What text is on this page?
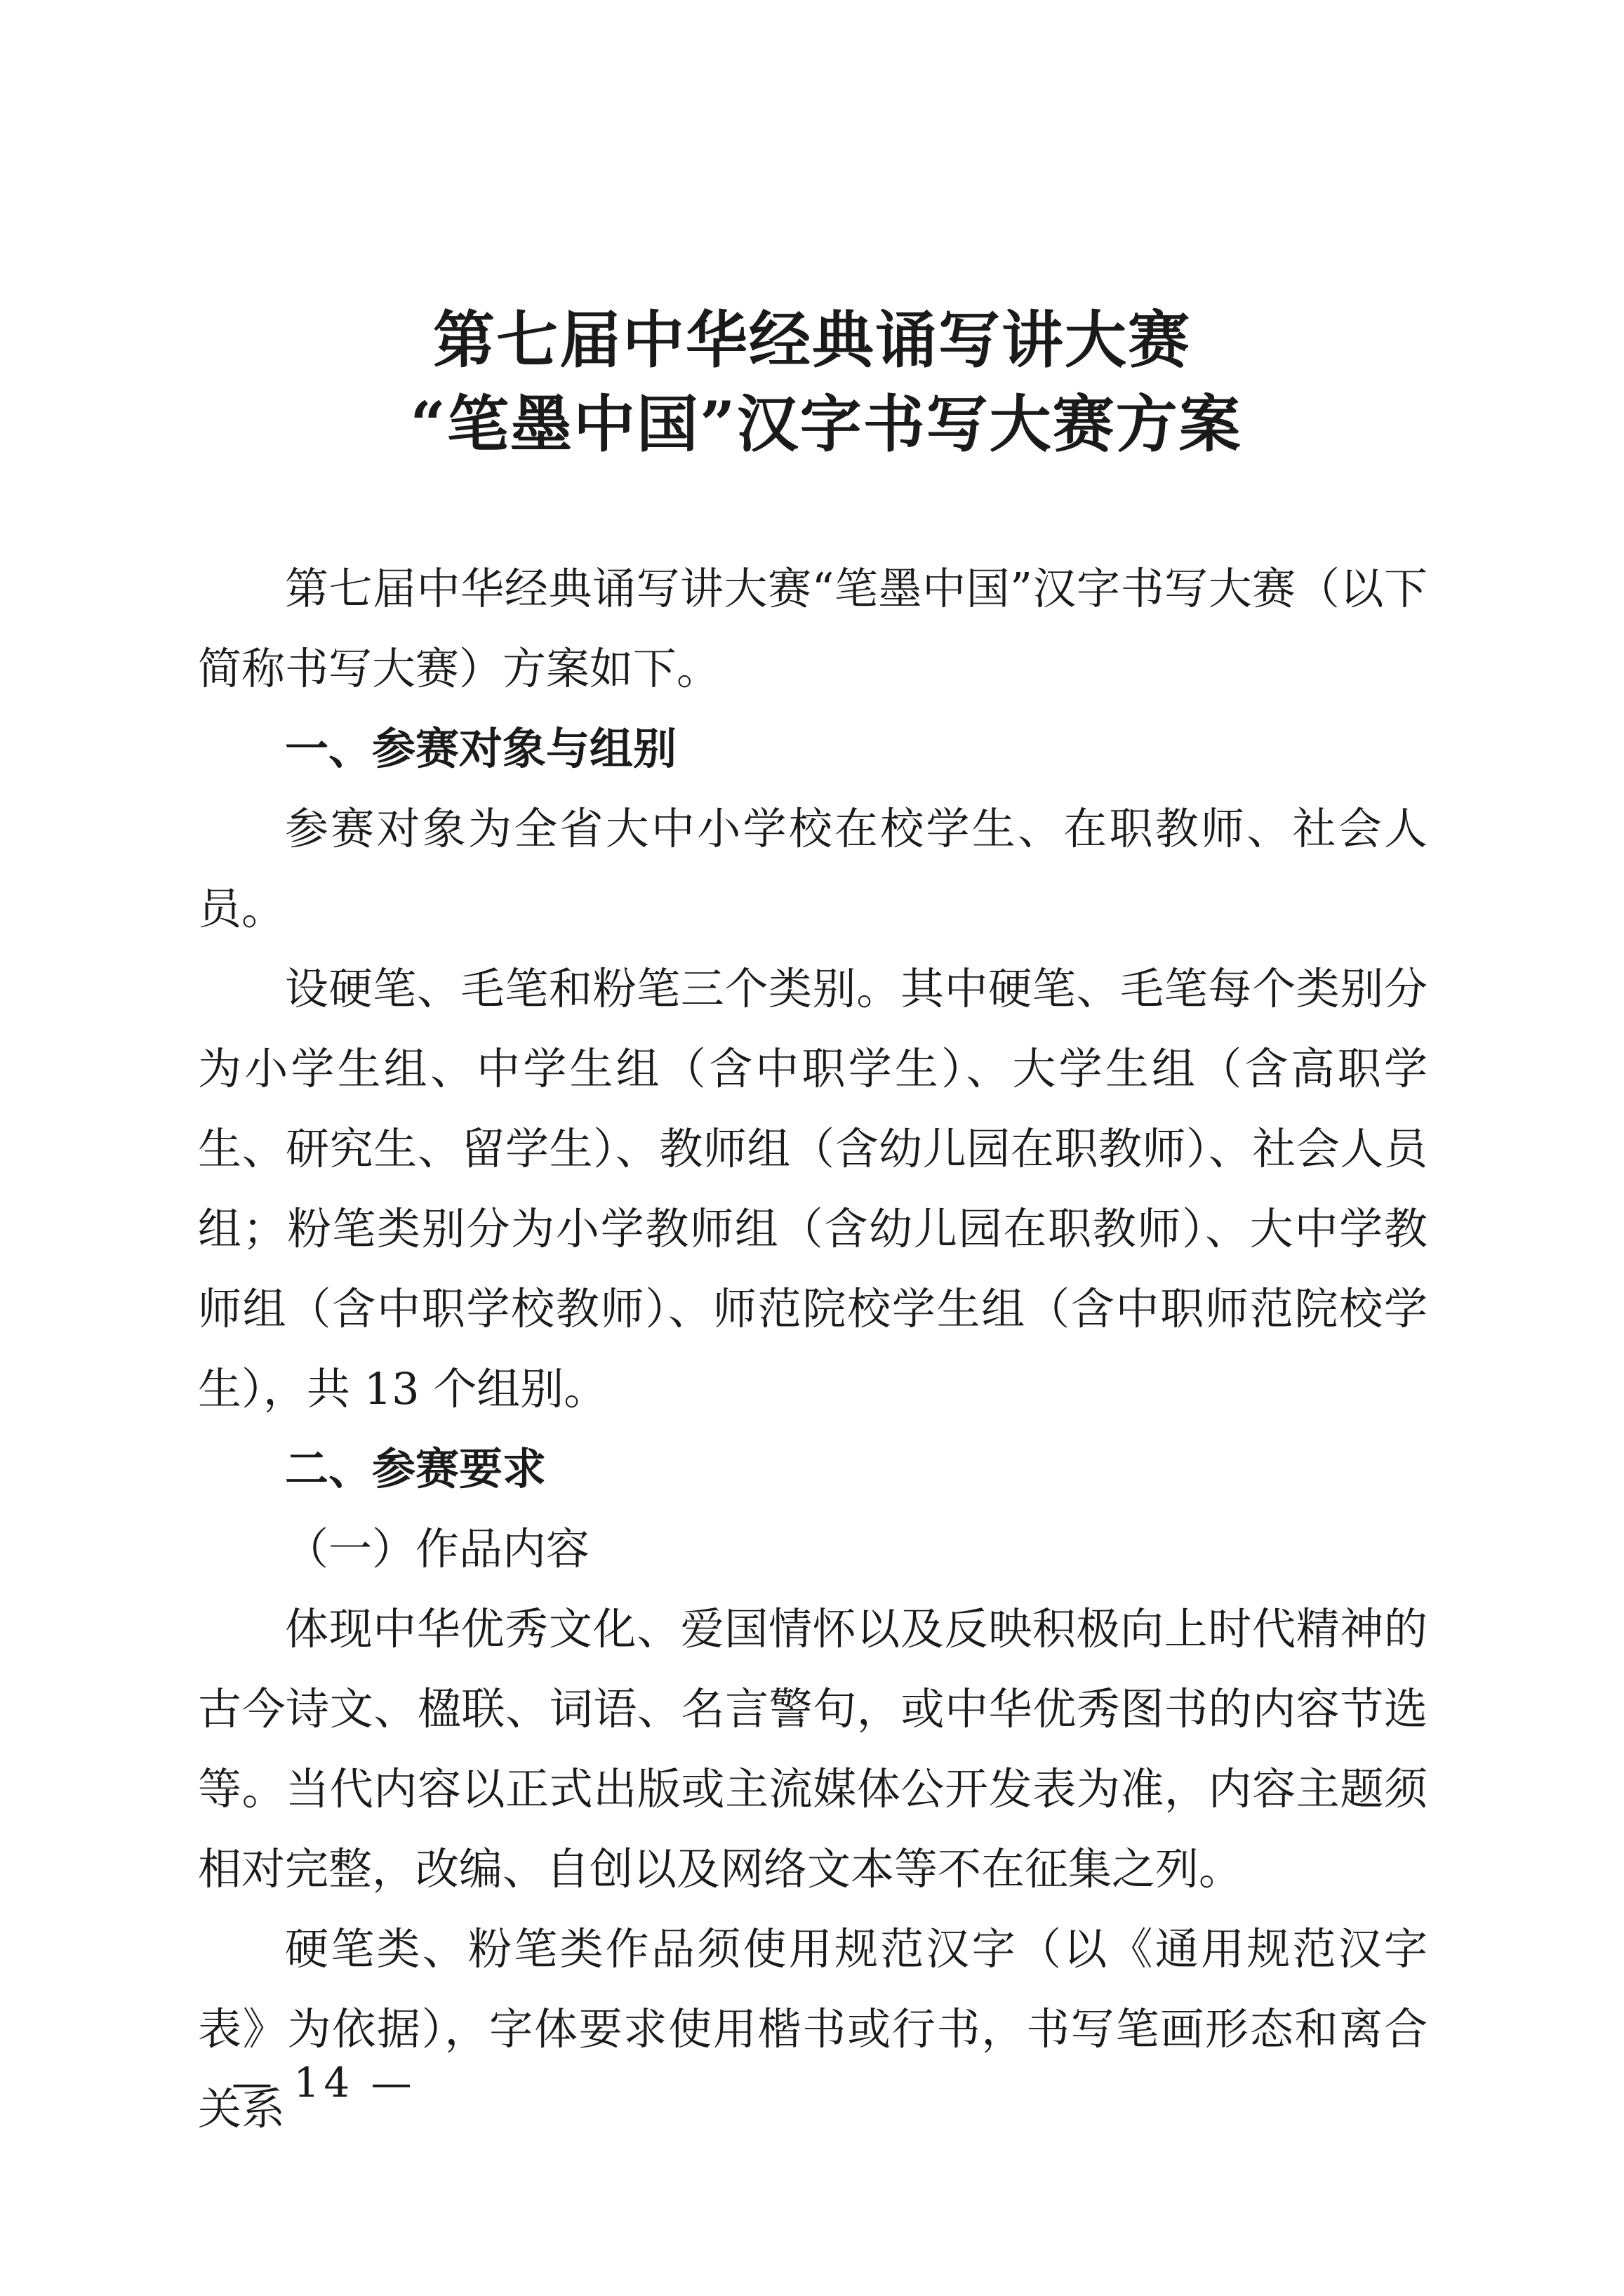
第七届中华经典诵写讲大赛
“笔墨中国”汉字书写大赛方案

第七届中华经典诵写讲大赛“笔墨中国”汉字书写大赛（以下简称书写大赛）方案如下。

一、参赛对象与组别

参赛对象为全省大中小学校在校学生、在职教师、社会人员。

设硬笔、毛笔和粉笔三个类别。其中硬笔、毛笔每个类别分为小学生组、中学生组（含中职学生）、大学生组（含高职学生、研究生、留学生）、教师组（含幼儿园在职教师）、社会人员组；粉笔类别分为小学教师组（含幼儿园在职教师）、大中学教师组（含中职学校教师）、师范院校学生组（含中职师范院校学生），共 13 个组别。

二、参赛要求

（一）作品内容

体现中华优秀文化、爱国情怀以及反映积极向上时代精神的古今诗文、楹联、词语、名言警句，或中华优秀图书的内容节选等。当代内容以正式出版或主流媒体公开发表为准，内容主题须相对完整，改编、自创以及网络文本等不在征集之列。

硬笔类、粉笔类作品须使用规范汉字（以《通用规范汉字表》为依据），字体要求使用楷书或行书，书写笔画形态和离合关系

— 14 —
